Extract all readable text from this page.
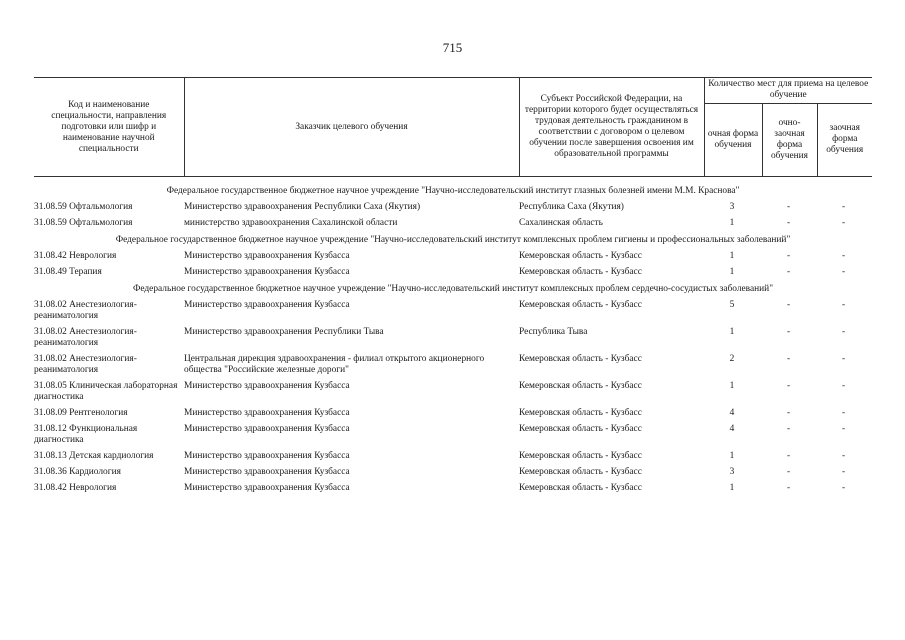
715
Код и наименование специальности, направления подготовки или шифр и наименование научной специальности	Заказчик целевого обучения	Субъект Российской Федерации, на территории которого будет осуществляться трудовая деятельность гражданином в соответствии с договором о целевом обучении после завершения освоения им образовательной программы	Количество мест для приема на целевое обучение		
			очная форма обучения	очно-заочная форма обучения	заочная форма обучения

Федеральное государственное бюджетное научное учреждение "Научно-исследовательский институт глазных болезней имени М.М. Краснова"					
31.08.59 Офтальмология	Министерство здравоохранения Республики Саха (Якутия)	Республика Саха (Якутия)	3	-	-
31.08.59 Офтальмология	министерство здравоохранения Сахалинской области	Сахалинская область	1	-	-
Федеральное государственное бюджетное научное учреждение "Научно-исследовательский институт комплексных проблем гигиены и профессиональных заболеваний"					
31.08.42 Неврология	Министерство здравоохранения Кузбасса	Кемеровская область - Кузбасс	1	-	-
31.08.49 Терапия	Министерство здравоохранения Кузбасса	Кемеровская область - Кузбасс	1	-	-
Федеральное государственное бюджетное научное учреждение "Научно-исследовательский институт комплексных проблем сердечно-сосудистых заболеваний"					
31.08.02 Анестезиология-реаниматология	Министерство здравоохранения Кузбасса	Кемеровская область - Кузбасс	5	-	-
31.08.02 Анестезиология-реаниматология	Министерство здравоохранения Республики Тыва	Республика Тыва	1	-	-
31.08.02 Анестезиология-реаниматология	Центральная дирекция здравоохранения - филиал открытого акционерного общества "Российские железные дороги"	Кемеровская область - Кузбасс	2	-	-
31.08.05 Клиническая лабораторная диагностика	Министерство здравоохранения Кузбасса	Кемеровская область - Кузбасс	1	-	-
31.08.09 Рентгенология	Министерство здравоохранения Кузбасса	Кемеровская область - Кузбасс	4	-	-
31.08.12 Функциональная диагностика	Министерство здравоохранения Кузбасса	Кемеровская область - Кузбасс	4	-	-
31.08.13 Детская кардиология	Министерство здравоохранения Кузбасса	Кемеровская область - Кузбасс	1	-	-
31.08.36 Кардиология	Министерство здравоохранения Кузбасса	Кемеровская область - Кузбасс	3	-	-
31.08.42 Неврология	Министерство здравоохранения Кузбасса	Кемеровская область - Кузбасс	1	-	-
